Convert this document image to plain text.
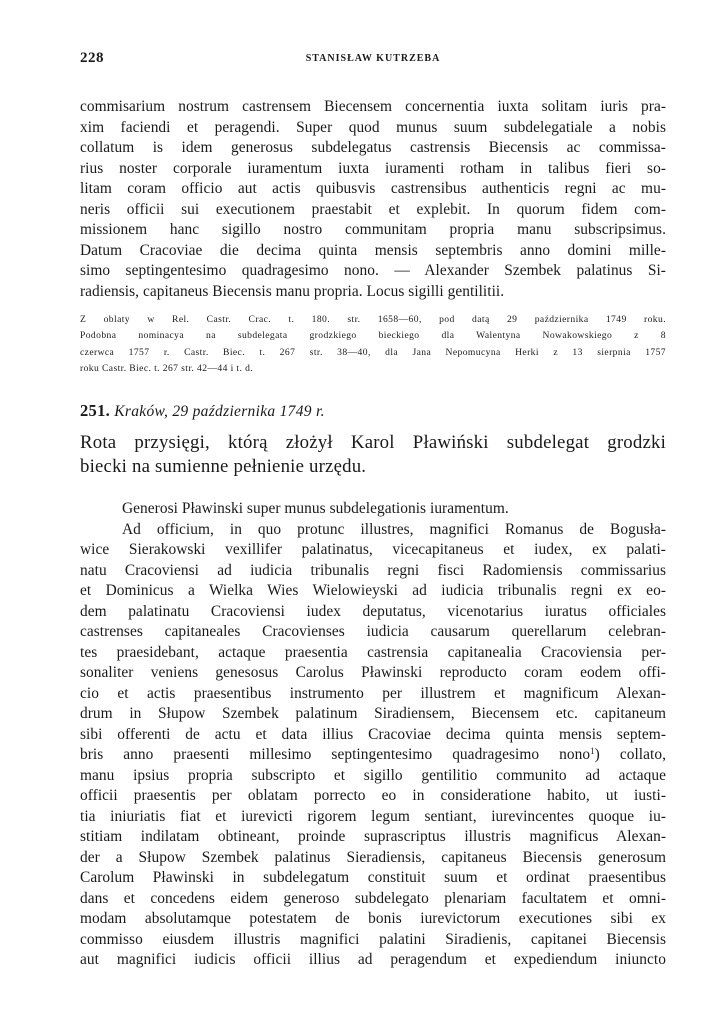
228	STANISŁAW KUTRZEBA

commisarium nostrum castrensem Biecensem concernentia iuxta solitam iuris pra-
xim faciendi et peragendi. Super quod munus suum subdelegatiale a nobis
collatum is idem generosus subdelegatus castrensis Biecensis ac commissa-
rius noster corporale iuramentum iuxta iuramenti rotham in talibus fieri so-
litam coram officio aut actis quibusvis castrensibus authenticis regni ac mu-
neris officii sui executionem praestabit et explebit. In quorum fidem com-
missionem hanc sigillo nostro communitam propria manu subscripsimus.
Datum Cracoviae die decima quinta mensis septembris anno domini mille-
simo septingentesimo quadragesimo nono. — Alexander Szembek palatinus Si-
radiensis, capitaneus Biecensis manu propria. Locus sigilli gentilitii.

Z oblaty w Rel. Castr. Crac. t. 180. str. 1658—60, pod datą 29 października 1749 roku.
Podobna nominacya na subdelegata grodzkiego bieckiego dla Walentyna Nowakowskiego z 8
czerwca 1757 r. Castr. Biec. t. 267 str. 38—40, dla Jana Nepomucyna Herki z 13 sierpnia 1757
roku Castr. Biec. t. 267 str. 42—44 i t. d.
251. Kraków, 29 października 1749 r.
Rota przysięgi, którą złożył Karol Pławiński subdelegat grodzki
biecki na sumienne pełnienie urzędu.

Generosi Pławinski super munus subdelegationis iuramentum.

Ad officium, in quo protunc illustres, magnifici Romanus de Bogusła-
wice Sierakowski vexillifer palatinatus, vicecapitaneus et iudex, ex palati-
natu Cracoviensi ad iudicia tribunalis regni fisci Radomiensis commissarius
et Dominicus a Wielka Wies Wielowieyski ad iudicia tribunalis regni ex eo-
dem palatinatu Cracoviensi iudex deputatus, vicenotarius iuratus officiales
castrenses capitaneales Cracovienses iudicia causarum querellarum celebran-
tes praesidebant, actaque praesentia castrensia capitanealia Cracoviensia per-
sonaliter veniens genesosus Carolus Pławinski reproducto coram eodem offi-
cio et actis praesentibus instrumento per illustrem et magnificum Alexan-
drum in Słupow Szembek palatinum Siradiensem, Biecensem etc. capitaneum
sibi offerenti de actu et data illius Cracoviae decima quinta mensis septem-
bris anno praesenti millesimo septingentesimo quadragesimo nono$^1$) collato,
manu ipsius propria subscripto et sigillo gentilitio communito ad actaque
officii praesentis per oblatam porrecto eo in consideratione habito, ut iusti-
tia iniuriatis fiat et iurevicti rigorem legum sentiant, iurevincentes quoque iu-
stitiam indilatam obtineant, proinde suprascriptus illustris magnificus Alexan-
der a Słupow Szembek palatinus Sieradiensis, capitaneus Biecensis generosum
Carolum Pławinski in subdelegatum constituit suum et ordinat praesentibus
dans et concedens eidem generoso subdelegato plenariam facultatem et omni-
modam absolutamque potestatem de bonis iurevictorum executiones sibi ex
commisso eiusdem illustris magnifici palatini Siradienis, capitanei Biecensis
aut magnifici iudicis officii illius ad peragendum et expediendum iniuncto
